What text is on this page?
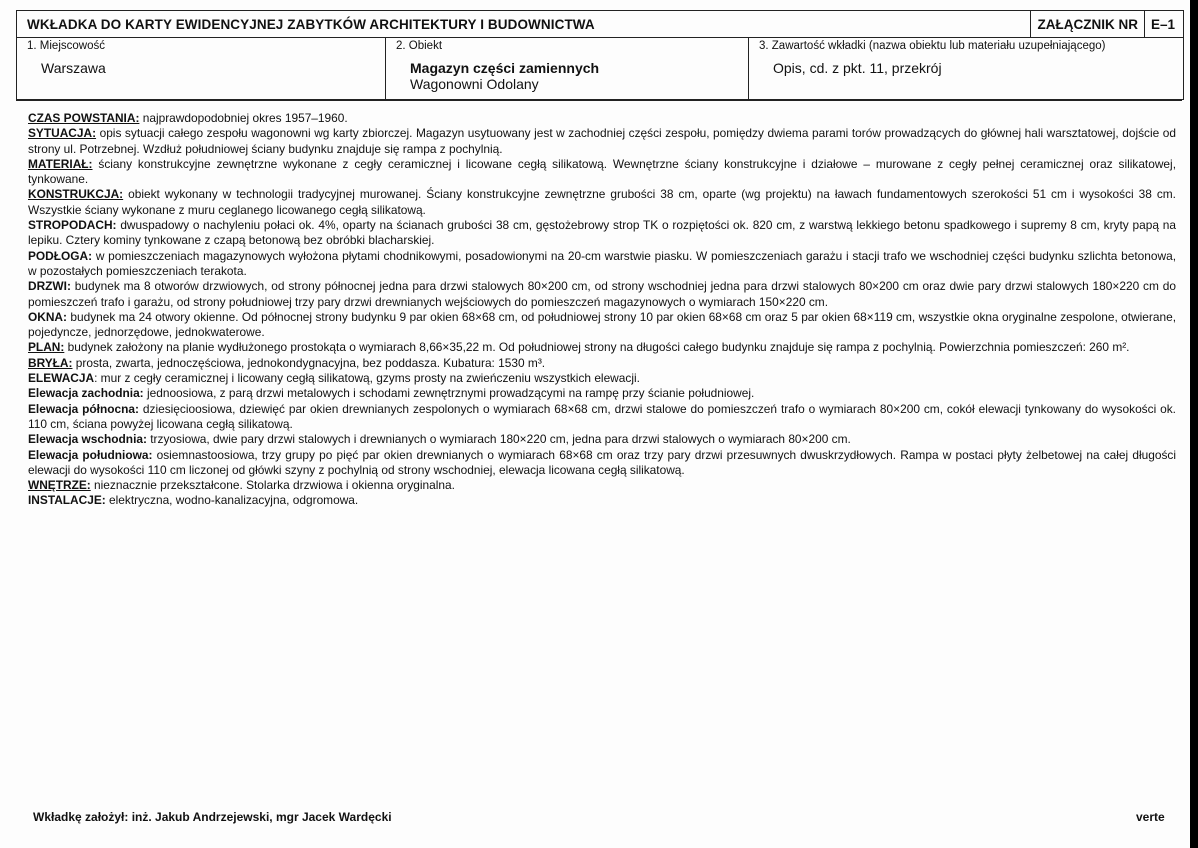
WKŁADKA DO KARTY EWIDENCYJNEJ ZABYTKÓW ARCHITEKTURY I BUDOWNICTWA	ZAŁĄCZNIK NR E–1
1. Miejscowość
Warszawa
2. Obiekt
Magazyn części zamiennych
Wagonowni Odolany
3. Zawartość wkładki (nazwa obiektu lub materiału uzupełniającego)
Opis, cd. z pkt. 11, przekrój

CZAS POWSTANIA: najprawdopodobniej okres 1957–1960.

SYTUACJA: opis sytuacji całego zespołu wagonowni wg karty zbiorczej. Magazyn usytuowany jest w zachodniej części zespołu, pomiędzy dwiema parami torów prowadzących do głównej hali warsztatowej, dojście od strony ul. Potrzebnej. Wzdłuż południowej ściany budynku znajduje się rampa z pochylnią.

MATERIAŁ: ściany konstrukcyjne zewnętrzne wykonane z cegły ceramicznej i licowane cegłą silikatową. Wewnętrzne ściany konstrukcyjne i działowe – murowane z cegły pełnej ceramicznej oraz silikatowej, tynkowane.

KONSTRUKCJA: obiekt wykonany w technologii tradycyjnej murowanej. Ściany konstrukcyjne zewnętrzne grubości 38 cm, oparte (wg projektu) na ławach fundamentowych szerokości 51 cm i wysokości 38 cm. Wszystkie ściany wykonane z muru ceglanego licowanego cegłą silikatową.

STROPODACH: dwuspadowy o nachyleniu połaci ok. 4%, oparty na ścianach grubości 38 cm, gęstożebrowy strop TK o rozpiętości ok. 820 cm, z warstwą lekkiego betonu spadkowego i supremy 8 cm, kryty papą na lepiku. Cztery kominy tynkowane z czapą betonową bez obróbki blacharskiej.

PODŁOGA: w pomieszczeniach magazynowych wyłożona płytami chodnikowymi, posadowionymi na 20-cm warstwie piasku. W pomieszczeniach garażu i stacji trafo we wschodniej części budynku szlichta betonowa, w pozostałych pomieszczeniach terakota.

DRZWI: budynek ma 8 otworów drzwiowych, od strony północnej jedna para drzwi stalowych 80×200 cm, od strony wschodniej jedna para drzwi stalowych 80×200 cm oraz dwie pary drzwi stalowych 180×220 cm do pomieszczeń trafo i garażu, od strony południowej trzy pary drzwi drewnianych wejściowych do pomieszczeń magazynowych o wymiarach 150×220 cm.

OKNA: budynek ma 24 otwory okienne. Od północnej strony budynku 9 par okien 68×68 cm, od południowej strony 10 par okien 68×68 cm oraz 5 par okien 68×119 cm, wszystkie okna oryginalne zespolone, otwierane, pojedyncze, jednorzędowe, jednokwaterowe.

PLAN: budynek założony na planie wydłużonego prostokąta o wymiarach 8,66×35,22 m. Od południowej strony na długości całego budynku znajduje się rampa z pochylnią. Powierzchnia pomieszczeń: 260 m².

BRYŁA: prosta, zwarta, jednoczęściowa, jednokondygnacyjna, bez poddasza. Kubatura: 1530 m³.

ELEWACJA: mur z cegły ceramicznej i licowany cegłą silikatową, gzyms prosty na zwieńczeniu wszystkich elewacji.

Elewacja zachodnia: jednoosiowa, z parą drzwi metalowych i schodami zewnętrznymi prowadzącymi na rampę przy ścianie południowej.

Elewacja północna: dziesięcioosiowa, dziewięć par okien drewnianych zespolonych o wymiarach 68×68 cm, drzwi stalowe do pomieszczeń trafo o wymiarach 80×200 cm, cokół elewacji tynkowany do wysokości ok. 110 cm, ściana powyżej licowana cegłą silikatową.

Elewacja wschodnia: trzyosiowa, dwie pary drzwi stalowych i drewnianych o wymiarach 180×220 cm, jedna para drzwi stalowych o wymiarach 80×200 cm.

Elewacja południowa: osiemnastoosiowa, trzy grupy po pięć par okien drewnianych o wymiarach 68×68 cm oraz trzy pary drzwi przesuwnych dwuskrzydłowych. Rampa w postaci płyty żelbetowej na całej długości elewacji do wysokości 110 cm liczonej od główki szyny z pochylnią od strony wschodniej, elewacja licowana cegłą silikatową.

WNĘTRZE: nieznacznie przekształcone. Stolarka drzwiowa i okienna oryginalna.

INSTALACJE: elektryczna, wodno-kanalizacyjna, odgromowa.

Wkładkę założył: inż. Jakub Andrzejewski, mgr Jacek Wardęcki	verte
